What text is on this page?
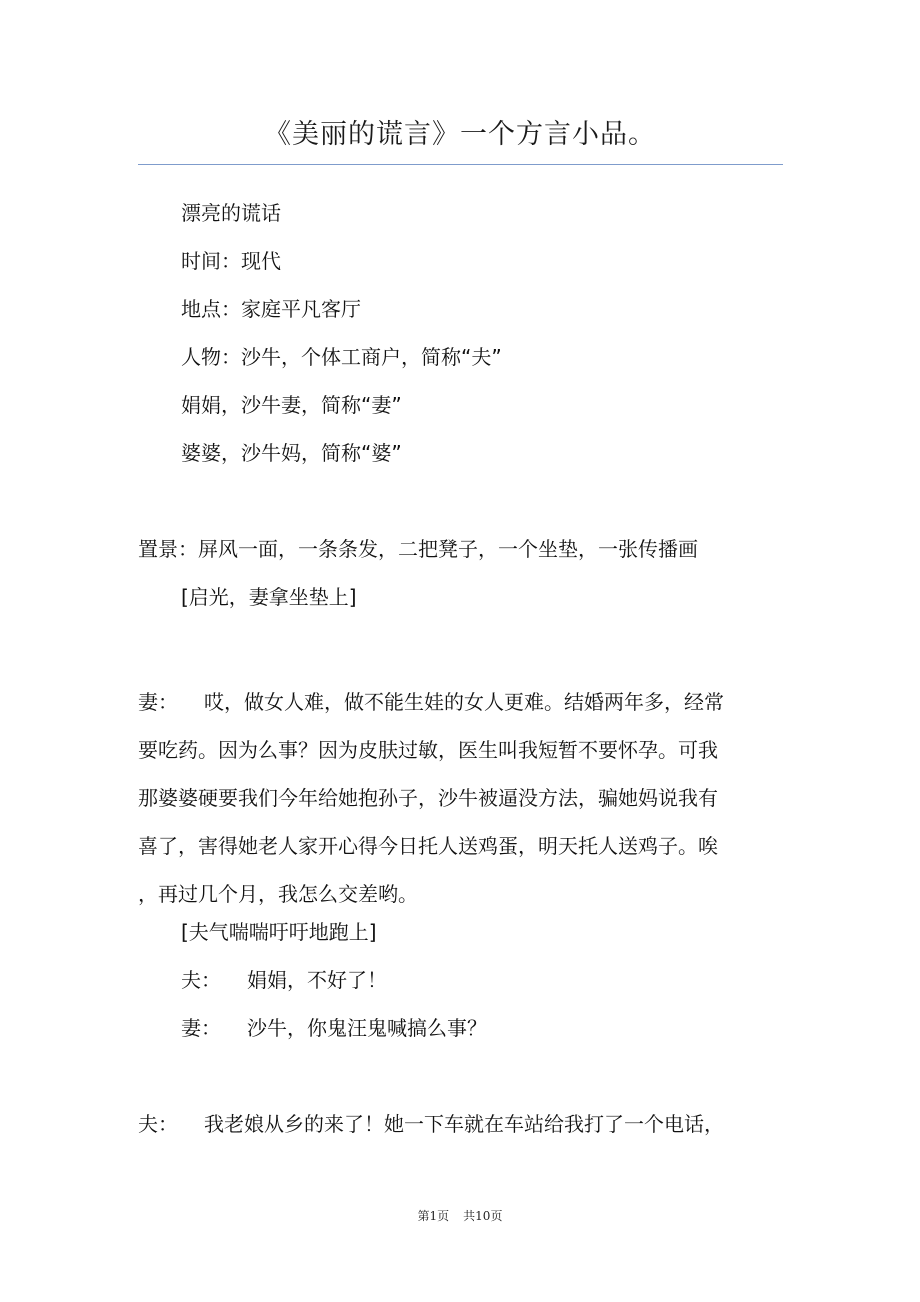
《美丽的谎言》一个方言小品。
漂亮的谎话
时间：现代
地点：家庭平凡客厅
人物：沙牛，个体工商户，简称“夫”
娟娟，沙牛妻，简称“妻”
婆婆，沙牛妈，简称“婆”
置景：屏风一面，一条条发，二把凳子，一个坐垫，一张传播画
[启光，妻拿坐垫上]
妻： 哎，做女人难，做不能生娃的女人更难。结婚两年多，经常
要吃药。因为么事？因为皮肤过敏，医生叫我短暂不要怀孕。可我
那婆婆硬要我们今年给她抱孙子，沙牛被逼没方法，骗她妈说我有
喜了，害得她老人家开心得今日托人送鸡蛋，明天托人送鸡子。唉
，再过几个月，我怎么交差哟。
[夫气喘喘吁吁地跑上]
夫： 娟娟，不好了！
妻： 沙牛，你鬼汪鬼喊搞么事？
夫： 我老娘从乡的来了！她一下车就在车站给我打了一个电话，
第1页 共10页
